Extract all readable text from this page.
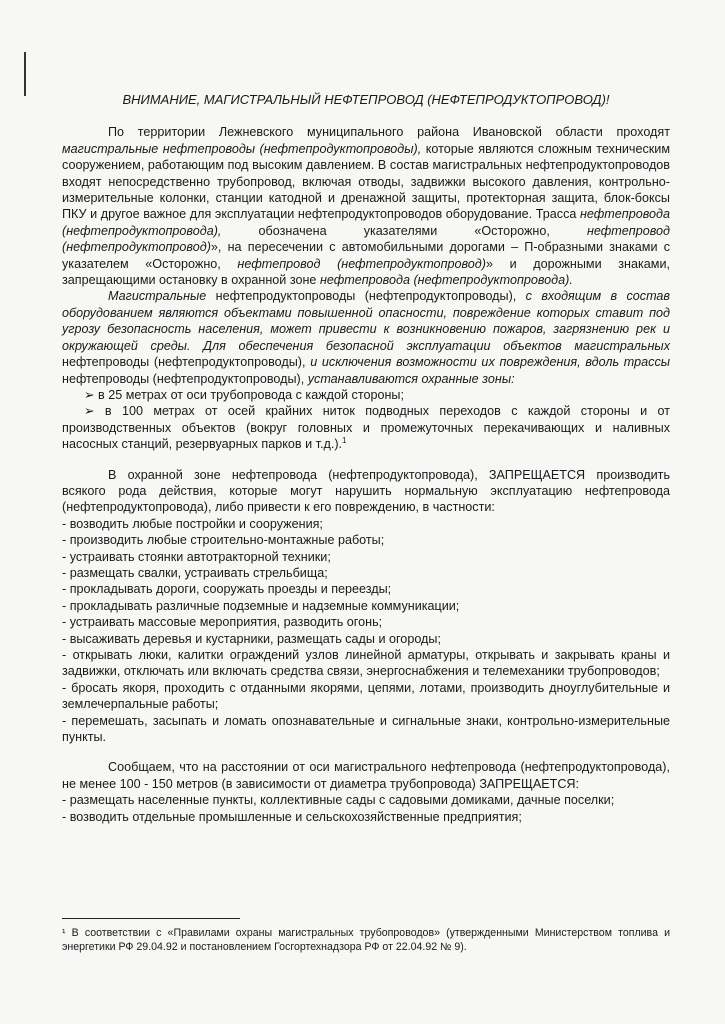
ВНИМАНИЕ, МАГИСТРАЛЬНЫЙ НЕФТЕПРОВОД (НЕФТЕПРОДУКТОПРОВОД)!

По территории Лежневского муниципального района Ивановской области проходят магистральные нефтепроводы (нефтепродуктопроводы), которые являются сложным техническим сооружением, работающим под высоким давлением. В состав магистральных нефтепродуктопроводов входят непосредственно трубопровод, включая отводы, задвижки высокого давления, контрольно-измерительные колонки, станции катодной и дренажной защиты, протекторная защита, блок-боксы ПКУ и другое важное для эксплуатации нефтепродуктопроводов оборудование. Трасса нефтепровода (нефтепродуктопровода), обозначена указателями «Осторожно, нефтепровод (нефтепродуктопровод)», на пересечении с автомобильными дорогами – П-образными знаками с указателем «Осторожно, нефтепровод (нефтепродуктопровод)» и дорожными знаками, запрещающими остановку в охранной зоне нефтепровода (нефтепродуктопровода).

Магистральные нефтепродуктопроводы (нефтепродуктопроводы), с входящим в состав оборудованием являются объектами повышенной опасности, повреждение которых ставит под угрозу безопасность населения, может привести к возникновению пожаров, загрязнению рек и окружающей среды. Для обеспечения безопасной эксплуатации объектов магистральных нефтепроводы (нефтепродуктопроводы), и исключения возможности их повреждения, вдоль трассы нефтепроводы (нефтепродуктопроводы), устанавливаются охранные зоны:

➢ в 25 метрах от оси трубопровода с каждой стороны;

➢ в 100 метрах от осей крайних ниток подводных переходов с каждой стороны и от производственных объектов (вокруг головных и промежуточных перекачивающих и наливных насосных станций, резервуарных парков и т.д.).$^1$

В охранной зоне нефтепровода (нефтепродуктопровода), ЗАПРЕЩАЕТСЯ производить всякого рода действия, которые могут нарушить нормальную эксплуатацию нефтепровода (нефтепродуктопровода), либо привести к его повреждению, в частности:

- возводить любые постройки и сооружения;

- производить любые строительно-монтажные работы;

- устраивать стоянки автотракторной техники;

- размещать свалки, устраивать стрельбища;

- прокладывать дороги, сооружать проезды и переезды;

- прокладывать различные подземные и надземные коммуникации;

- устраивать массовые мероприятия, разводить огонь;

- высаживать деревья и кустарники, размещать сады и огороды;

- открывать люки, калитки ограждений узлов линейной арматуры, открывать и закрывать краны и задвижки, отключать или включать средства связи, энергоснабжения и телемеханики трубопроводов;

- бросать якоря, проходить с отданными якорями, цепями, лотами, производить дноуглубительные и землечерпальные работы;

- перемешать, засыпать и ломать опознавательные и сигнальные знаки, контрольно-измерительные пункты.

Сообщаем, что на расстоянии от оси магистрального нефтепровода (нефтепродуктопровода), не менее 100 - 150 метров (в зависимости от диаметра трубопровода) ЗАПРЕЩАЕТСЯ:

- размещать населенные пункты, коллективные сады с садовыми домиками, дачные поселки;

- возводить отдельные промышленные и сельскохозяйственные предприятия;

¹ В соответствии с «Правилами охраны магистральных трубопроводов» (утвержденными Министерством топлива и энергетики РФ 29.04.92 и постановлением Госгортехнадзора РФ от 22.04.92 № 9).
